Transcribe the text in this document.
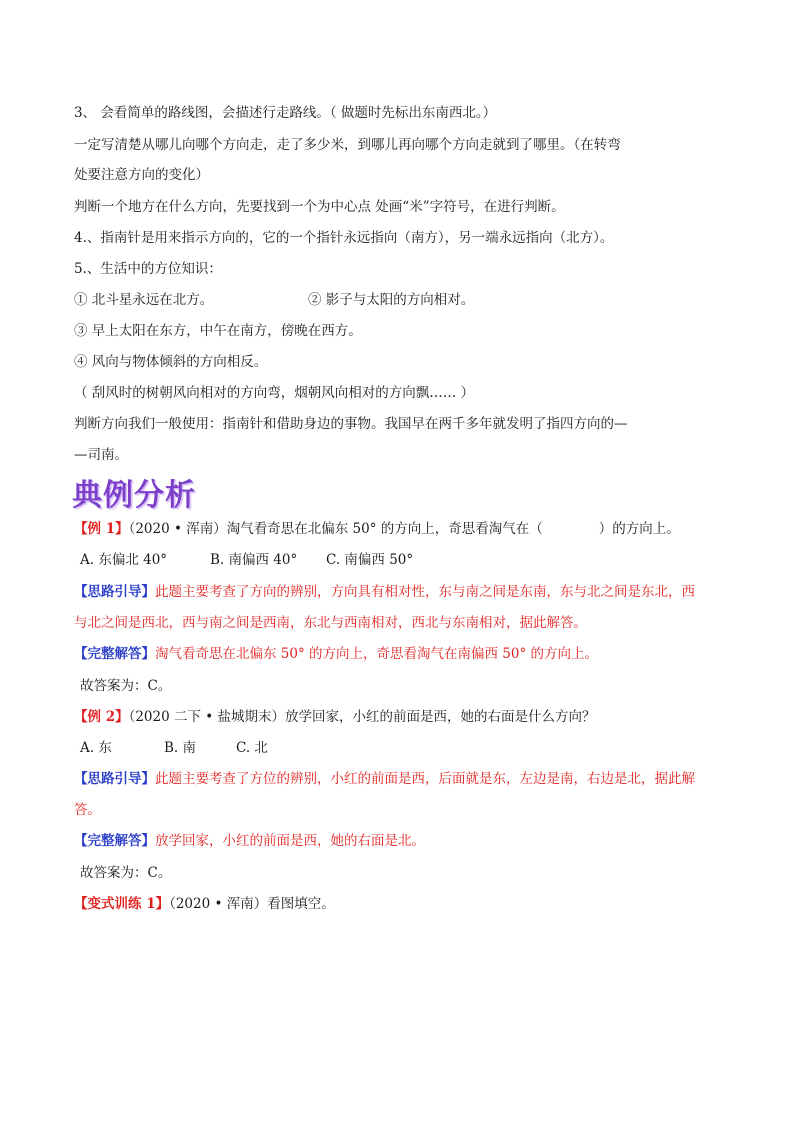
3、 会看简单的路线图，会描述行走路线。（ 做题时先标出东南西北。）
一定写清楚从哪儿向哪个方向走，走了多少米，到哪儿再向哪个方向走就到了哪里。（在转弯
处要注意方向的变化）
判断一个地方在什么方向，先要找到一个为中心点 处画“米”字符号，在进行判断。
4.、指南针是用来指示方向的，它的一个指针永远指向（南方），另一端永远指向（北方）。
5.、生活中的方位知识：
① 北斗星永远在北方。	② 影子与太阳的方向相对。
③ 早上太阳在东方，中午在南方，傍晚在西方。
④ 风向与物体倾斜的方向相反。
（ 刮风时的树朝风向相对的方向弯，烟朝风向相对的方向飘…… ）
判断方向我们一般使用：指南针和借助身边的事物。我国早在两千多年就发明了指四方向的—
—司南。
典例分析
【例 1】（2020 • 浑南）淘气看奇思在北偏东 50° 的方向上，奇思看淘气在（	）的方向上。
A. 东偏北 40°	B. 南偏西 40° C. 南偏西 50°
【思路引导】此题主要考查了方向的辨别，方向具有相对性，东与南之间是东南，东与北之间是东北，西
与北之间是西北，西与南之间是西南，东北与西南相对，西北与东南相对，据此解答。
【完整解答】淘气看奇思在北偏东 50° 的方向上，奇思看淘气在南偏西 50° 的方向上。
故答案为：C。
【例 2】（2020 二下 • 盐城期末）放学回家，小红的前面是西，她的右面是什么方向？
A. 东	B. 南	C. 北
【思路引导】此题主要考查了方位的辨别，小红的前面是西，后面就是东，左边是南，右边是北，据此解
答。
【完整解答】放学回家，小红的前面是西，她的右面是北。
故答案为：C。
【变式训练 1】（2020 • 浑南）看图填空。
